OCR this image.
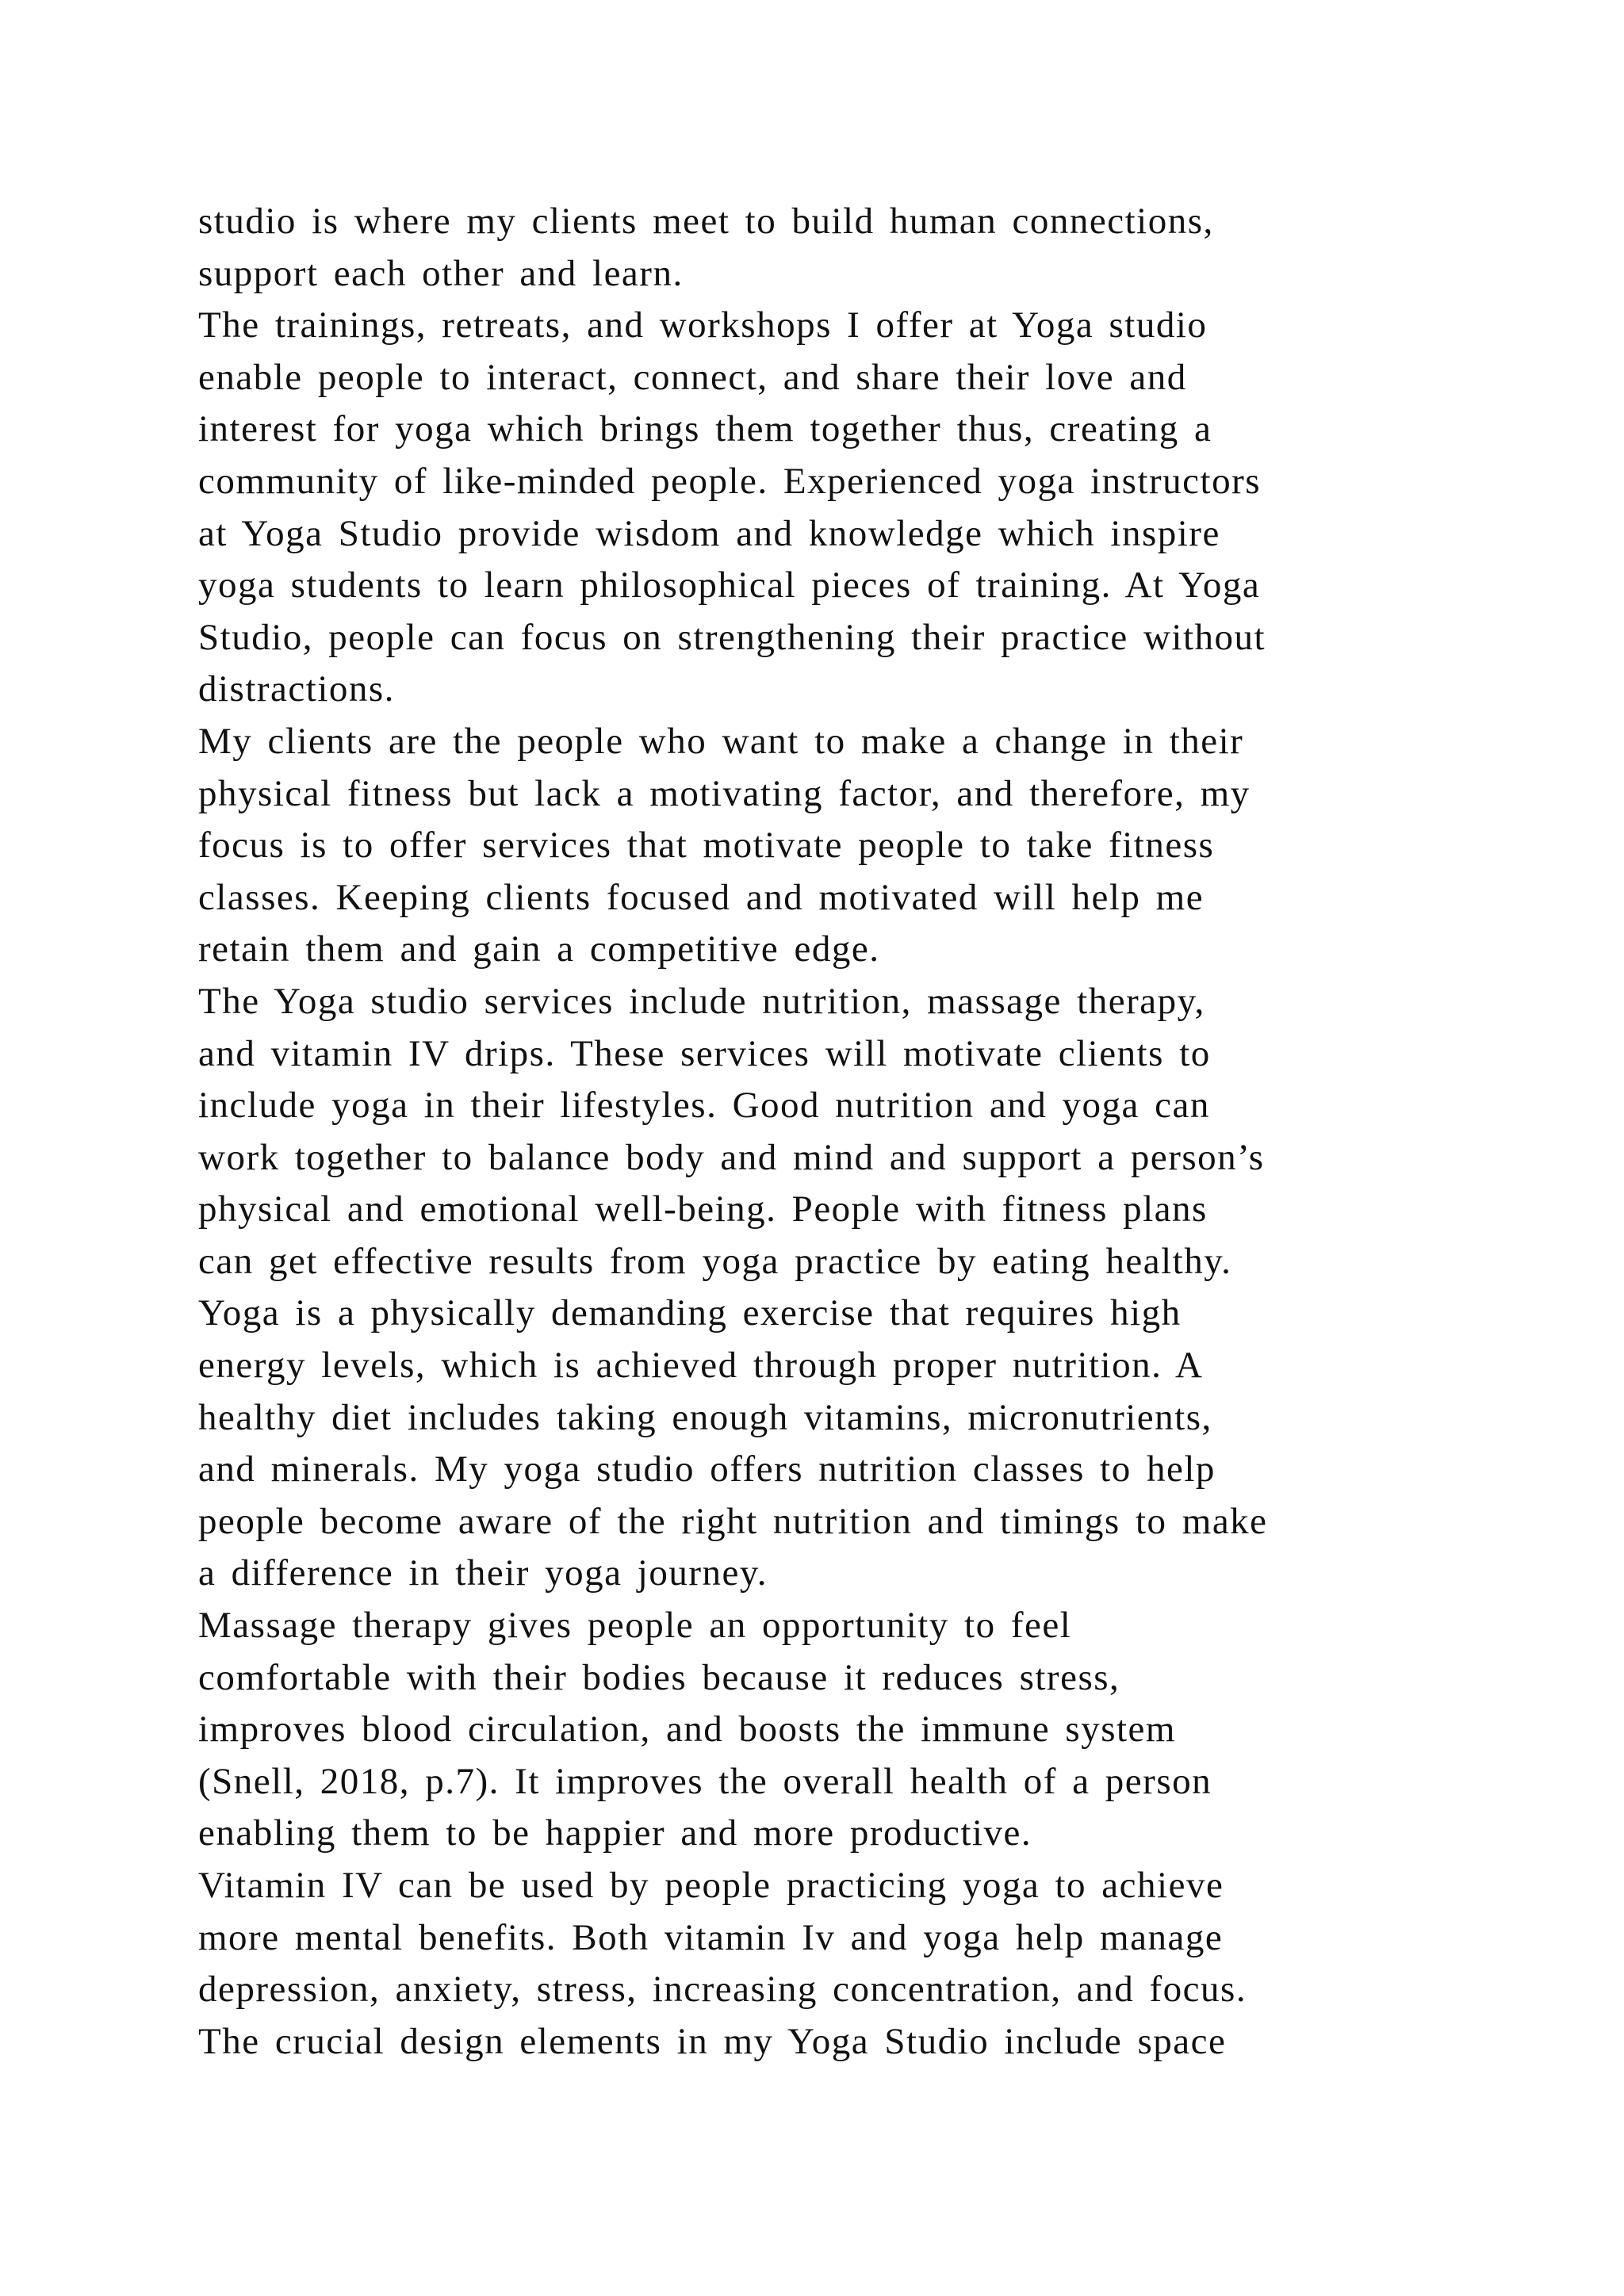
studio is where my clients meet to build human connections,
support each other and learn.
The trainings, retreats, and workshops I offer at Yoga studio
enable people to interact, connect, and share their love and
interest for yoga which brings them together thus, creating a
community of like-minded people. Experienced yoga instructors
at Yoga Studio provide wisdom and knowledge which inspire
yoga students to learn philosophical pieces of training. At Yoga
Studio, people can focus on strengthening their practice without
distractions.
My clients are the people who want to make a change in their
physical fitness but lack a motivating factor, and therefore, my
focus is to offer services that motivate people to take fitness
classes. Keeping clients focused and motivated will help me
retain them and gain a competitive edge.
The Yoga studio services include nutrition, massage therapy,
and vitamin IV drips. These services will motivate clients to
include yoga in their lifestyles. Good nutrition and yoga can
work together to balance body and mind and support a person’s
physical and emotional well-being. People with fitness plans
can get effective results from yoga practice by eating healthy.
Yoga is a physically demanding exercise that requires high
energy levels, which is achieved through proper nutrition. A
healthy diet includes taking enough vitamins, micronutrients,
and minerals. My yoga studio offers nutrition classes to help
people become aware of the right nutrition and timings to make
a difference in their yoga journey.
Massage therapy gives people an opportunity to feel
comfortable with their bodies because it reduces stress,
improves blood circulation, and boosts the immune system
(Snell, 2018, p.7). It improves the overall health of a person
enabling them to be happier and more productive.
Vitamin IV can be used by people practicing yoga to achieve
more mental benefits. Both vitamin Iv and yoga help manage
depression, anxiety, stress, increasing concentration, and focus.
The crucial design elements in my Yoga Studio include space
